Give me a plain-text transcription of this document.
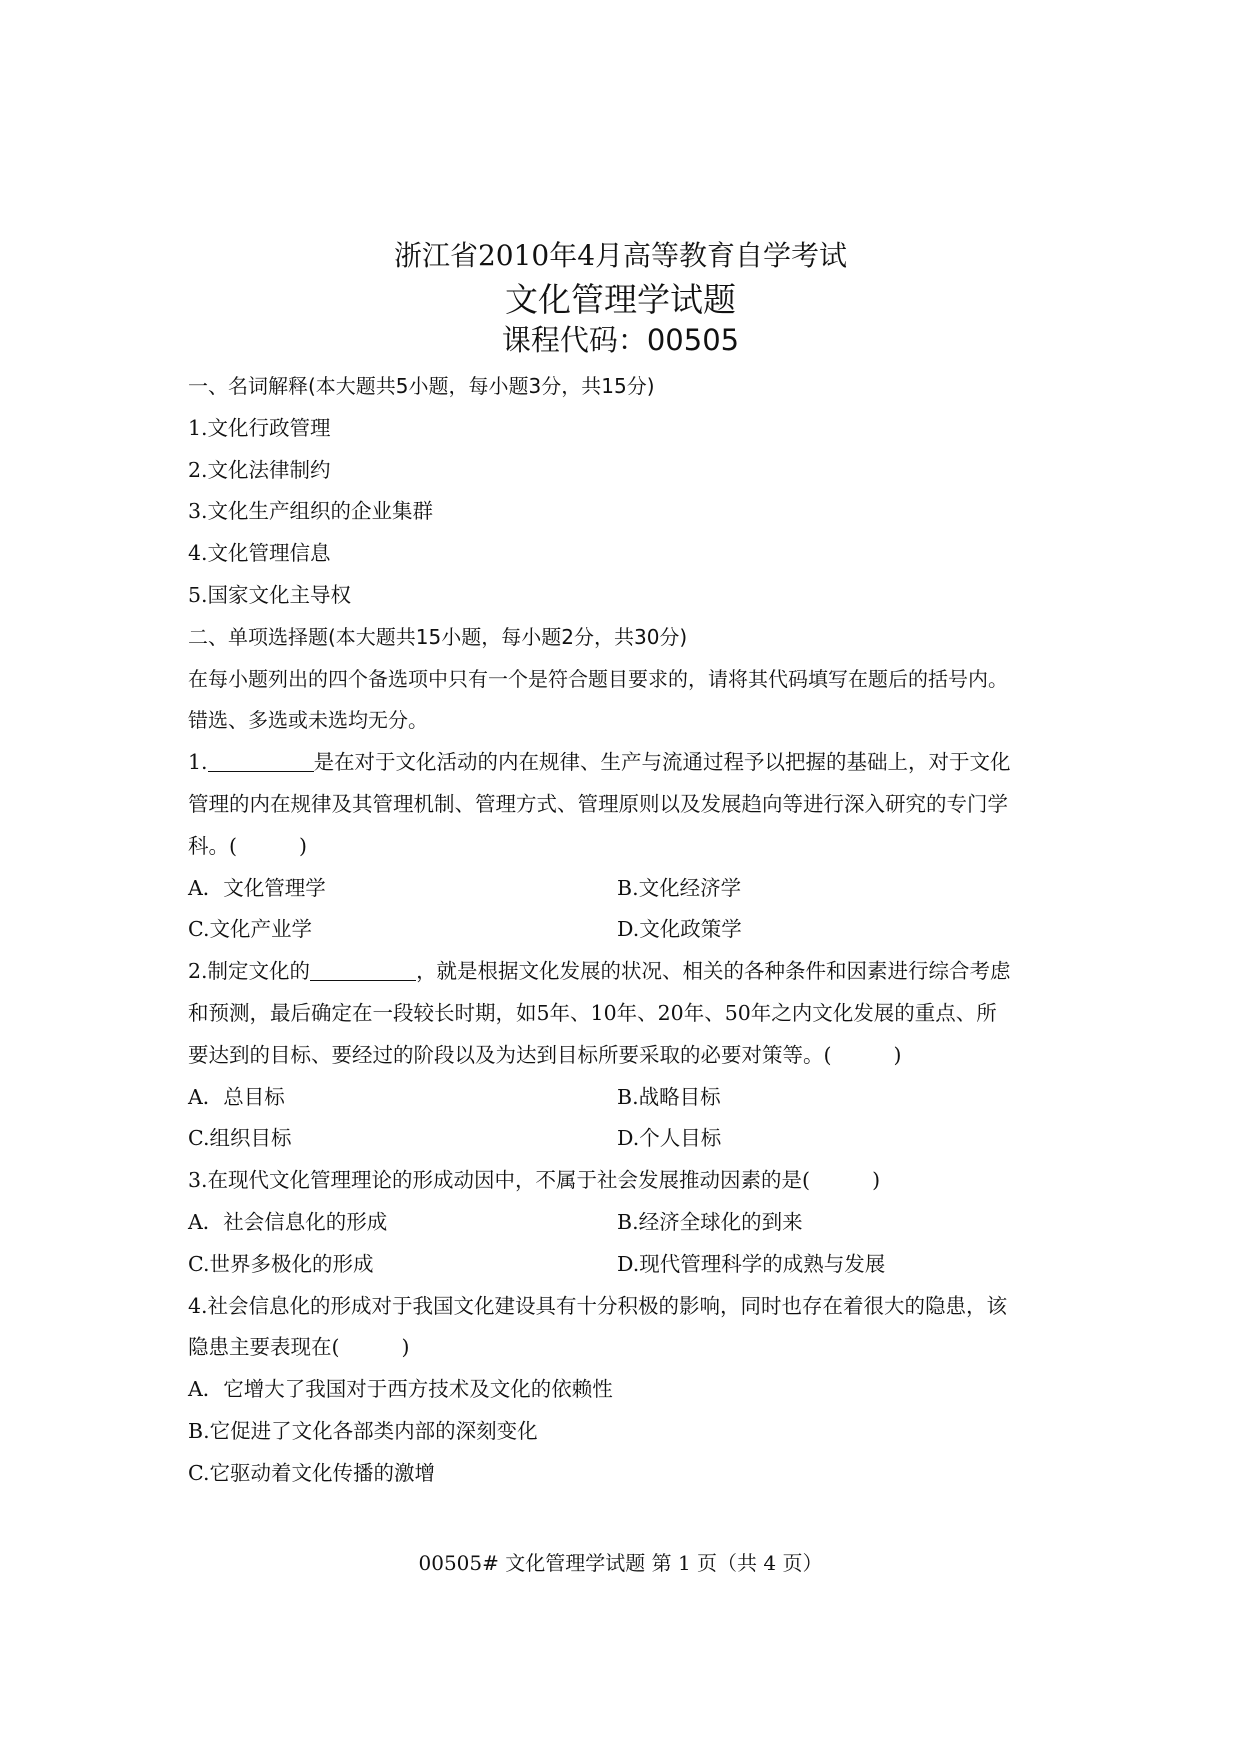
浙江省2010年4月高等教育自学考试
文化管理学试题
课程代码：00505
一、名词解释(本大题共5小题，每小题3分，共15分)
1.文化行政管理
2.文化法律制约
3.文化生产组织的企业集群
4.文化管理信息
5.国家文化主导权
二、单项选择题(本大题共15小题，每小题2分，共30分)
在每小题列出的四个备选项中只有一个是符合题目要求的，请将其代码填写在题后的括号内。
错选、多选或未选均无分。
1.	是在对于文化活动的内在规律、生产与流通过程予以把握的基础上，对于文化
管理的内在规律及其管理机制、管理方式、管理原则以及发展趋向等进行深入研究的专门学
科。(	)
A．文化管理学	B.文化经济学
C.文化产业学	D.文化政策学
2.制定文化的	，就是根据文化发展的状况、相关的各种条件和因素进行综合考虑
和预测，最后确定在一段较长时期，如5年、10年、20年、50年之内文化发展的重点、所
要达到的目标、要经过的阶段以及为达到目标所要采取的必要对策等。(	)
A．总目标	B.战略目标
C.组织目标	D.个人目标
3.在现代文化管理理论的形成动因中，不属于社会发展推动因素的是(	)
A．社会信息化的形成	B.经济全球化的到来
C.世界多极化的形成	D.现代管理科学的成熟与发展
4.社会信息化的形成对于我国文化建设具有十分积极的影响，同时也存在着很大的隐患，该
隐患主要表现在(	)
A．它增大了我国对于西方技术及文化的依赖性
B.它促进了文化各部类内部的深刻变化
C.它驱动着文化传播的激增
00505# 文化管理学试题 第 1 页（共 4 页）
